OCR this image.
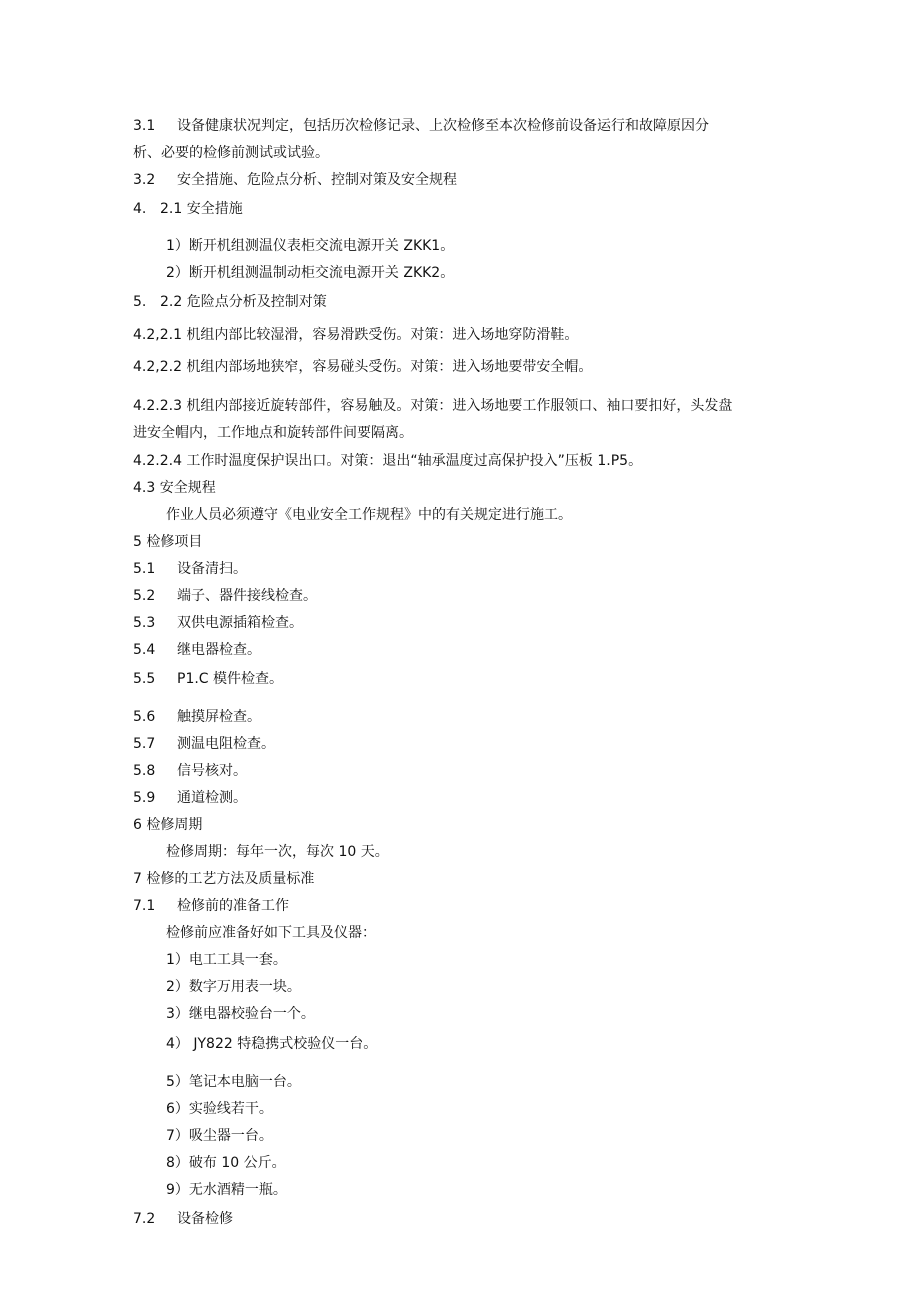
3.1 设备健康状况判定，包括历次检修记录、上次检修至本次检修前设备运行和故障原因分
析、必要的检修前测试或试验。
3.2 安全措施、危险点分析、控制对策及安全规程
4. 2.1 安全措施
1）断开机组测温仪表柜交流电源开关 ZKK1。
2）断开机组测温制动柜交流电源开关 ZKK2。
5. 2.2 危险点分析及控制对策
4.2,2.1 机组内部比较湿滑，容易滑跌受伤。对策：进入场地穿防滑鞋。
4.2,2.2 机组内部场地狭窄，容易碰头受伤。对策：进入场地要带安全帽。
4.2.2.3 机组内部接近旋转部件，容易触及。对策：进入场地要工作服领口、袖口要扣好，头发盘
进安全帽内，工作地点和旋转部件间要隔离。
4.2.2.4 工作时温度保护误出口。对策：退出“轴承温度过高保护投入”压板 1.P5。
4.3 安全规程
作业人员必须遵守《电业安全工作规程》中的有关规定进行施工。
5 检修项目
5.1 设备清扫。
5.2 端子、器件接线检查。
5.3 双供电源插箱检查。
5.4 继电器检查。
5.5 P1.C 模件检查。
5.6 触摸屏检查。
5.7 测温电阻检查。
5.8 信号核对。
5.9 通道检测。
6 检修周期
检修周期：每年一次，每次 10 天。
7 检修的工艺方法及质量标准
7.1 检修前的准备工作
检修前应准备好如下工具及仪器：
1）电工工具一套。
2）数字万用表一块。
3）继电器校验台一个。
4） JY822 特稳携式校验仪一台。
5）笔记本电脑一台。
6）实验线若干。
7）吸尘器一台。
8）破布 10 公斤。
9）无水酒精一瓶。
7.2 设备检修
